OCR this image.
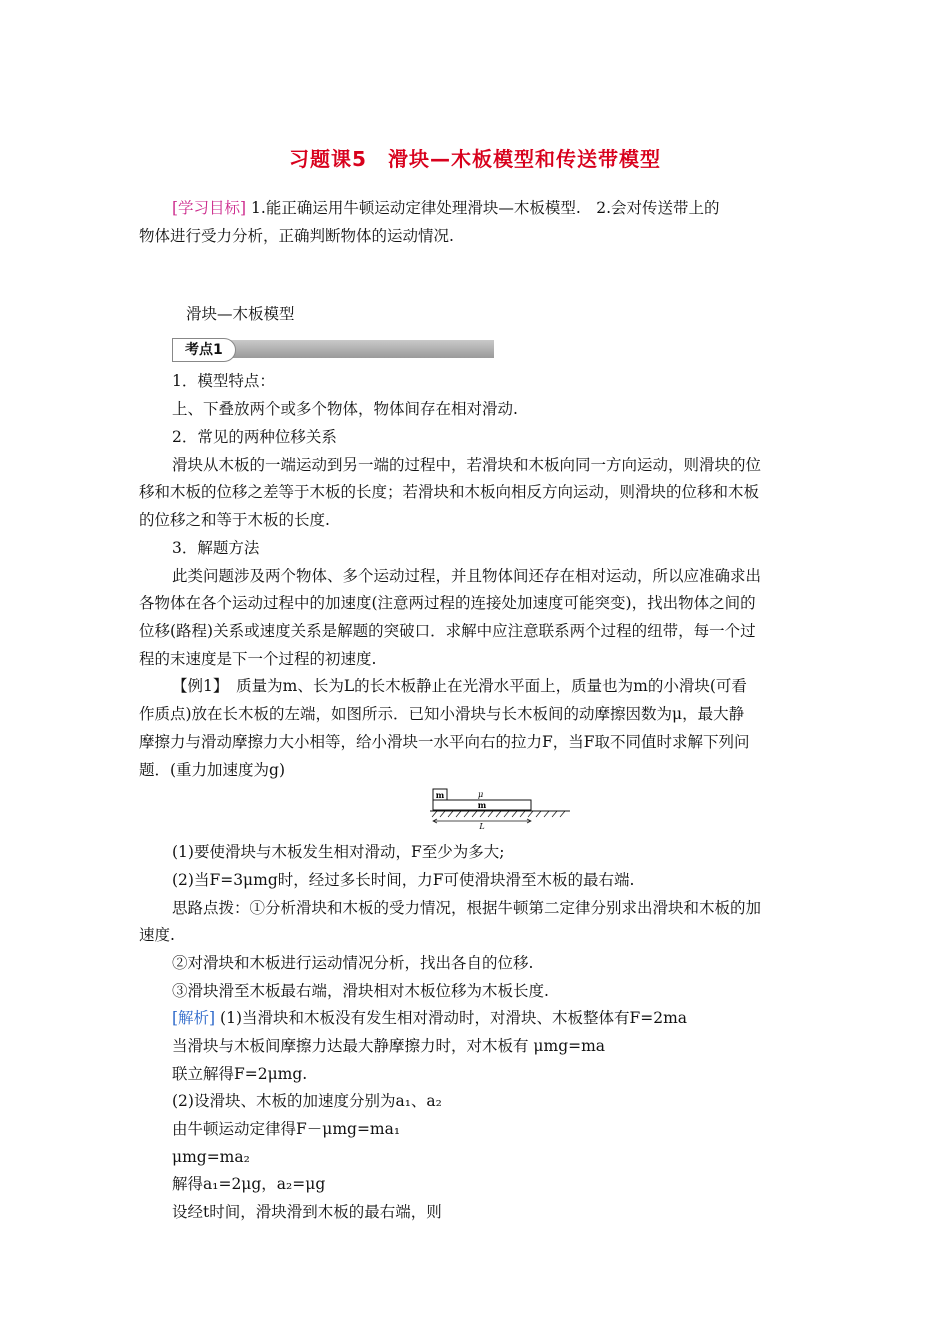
习题课5　滑块—木板模型和传送带模型
[学习目标] 1.能正确运用牛顿运动定律处理滑块—木板模型.　2.会对传送带上的
物体进行受力分析，正确判断物体的运动情况.
滑块—木板模型
考点1
1．模型特点：
上、下叠放两个或多个物体，物体间存在相对滑动.
2．常见的两种位移关系
滑块从木板的一端运动到另一端的过程中，若滑块和木板向同一方向运动，则滑块的位
移和木板的位移之差等于木板的长度；若滑块和木板向相反方向运动，则滑块的位移和木板
的位移之和等于木板的长度.
3．解题方法
此类问题涉及两个物体、多个运动过程，并且物体间还存在相对运动，所以应准确求出
各物体在各个运动过程中的加速度(注意两过程的连接处加速度可能突变)，找出物体之间的
位移(路程)关系或速度关系是解题的突破口．求解中应注意联系两个过程的纽带，每一个过
程的末速度是下一个过程的初速度.
【例1】　质量为m、长为L的长木板静止在光滑水平面上，质量也为m的小滑块(可看
作质点)放在长木板的左端，如图所示．已知小滑块与长木板间的动摩擦因数为μ，最大静
摩擦力与滑动摩擦力大小相等，给小滑块一水平向右的拉力F，当F取不同值时求解下列问
题．(重力加速度为g)
m	μ
m
L
(1)要使滑块与木板发生相对滑动，F至少为多大;
(2)当F=3μmg时，经过多长时间，力F可使滑块滑至木板的最右端.
思路点拨：①分析滑块和木板的受力情况，根据牛顿第二定律分别求出滑块和木板的加
速度.
②对滑块和木板进行运动情况分析，找出各自的位移.
③滑块滑至木板最右端，滑块相对木板位移为木板长度.
[解析] (1)当滑块和木板没有发生相对滑动时，对滑块、木板整体有F=2ma
当滑块与木板间摩擦力达最大静摩擦力时，对木板有 μmg=ma
联立解得F=2μmg.
(2)设滑块、木板的加速度分别为a₁、a₂
由牛顿运动定律得F－μmg=ma₁
μmg=ma₂
解得a₁=2μg，a₂=μg
设经t时间，滑块滑到木板的最右端，则
